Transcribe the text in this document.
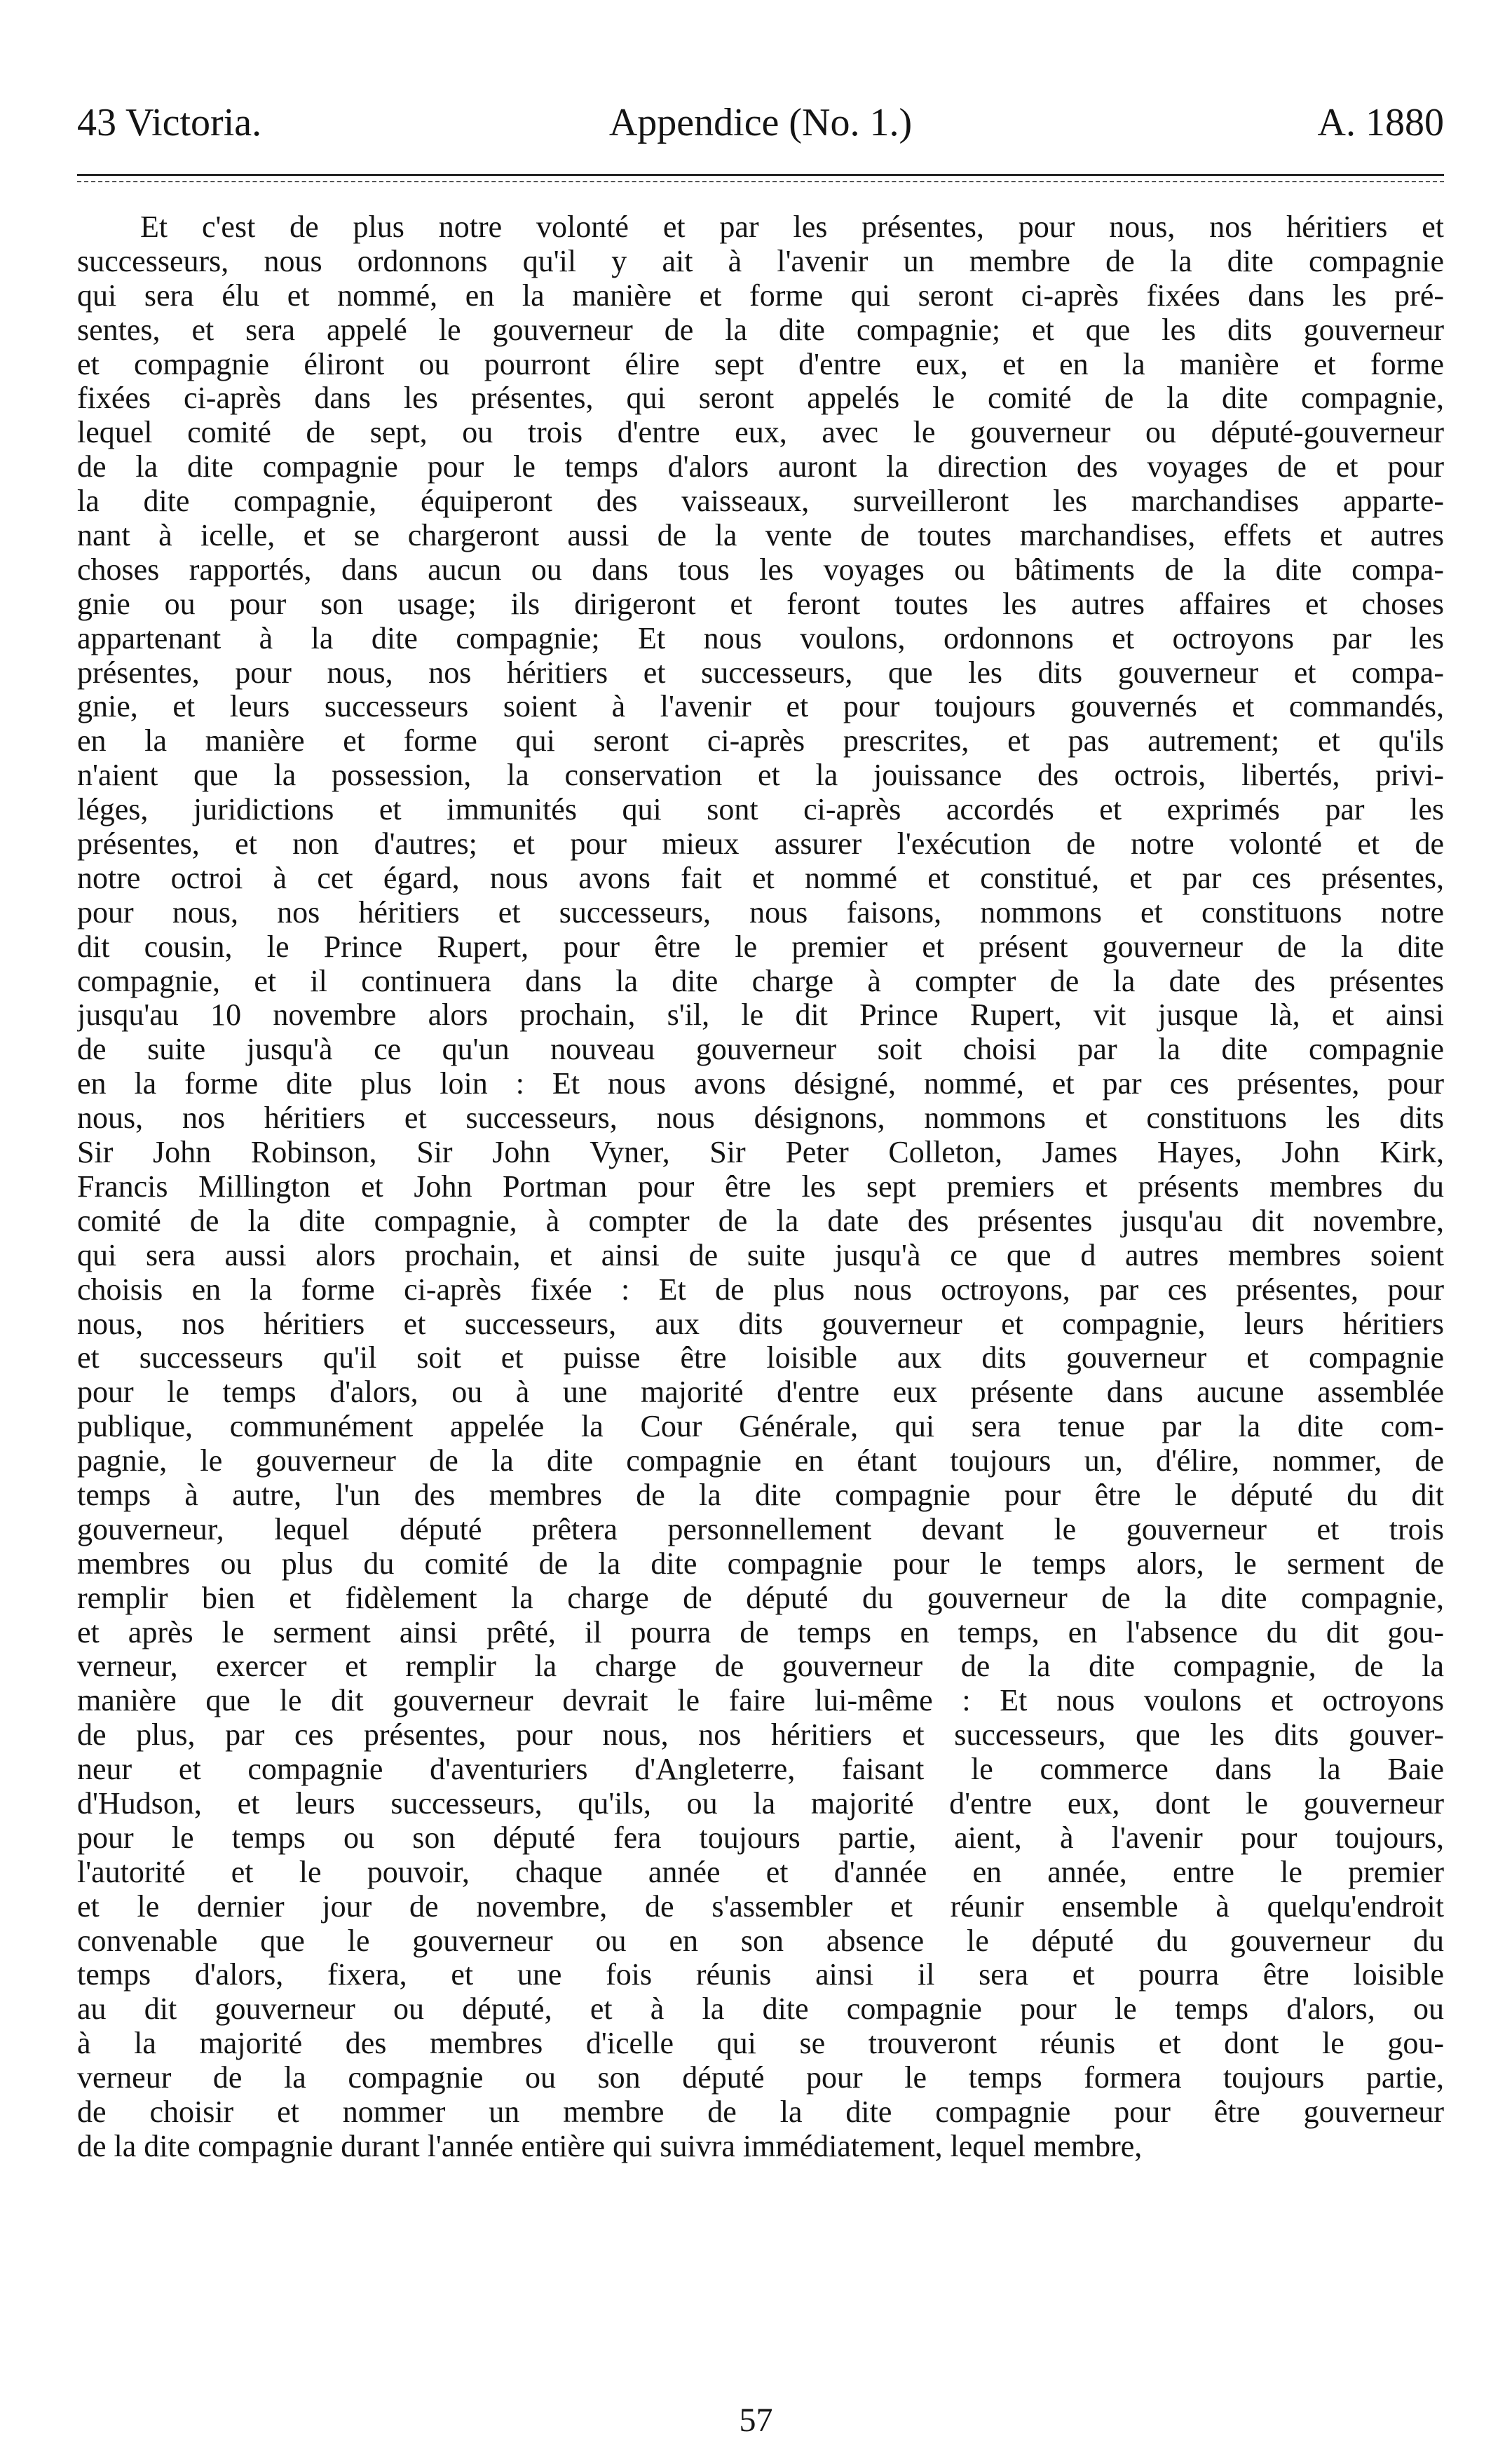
43 Victoria.	Appendice (No. 1.)	A. 1880
Et c'est de plus notre volonté et par les présentes, pour nous, nos héritiers et
successeurs, nous ordonnons qu'il y ait à l'avenir un membre de la dite compagnie
qui sera élu et nommé, en la manière et forme qui seront ci-après fixées dans les pré-
sentes, et sera appelé le gouverneur de la dite compagnie; et que les dits gouverneur
et compagnie éliront ou pourront élire sept d'entre eux, et en la manière et forme
fixées ci-après dans les présentes, qui seront appelés le comité de la dite compagnie,
lequel comité de sept, ou trois d'entre eux, avec le gouverneur ou député-gouverneur
de la dite compagnie pour le temps d'alors auront la direction des voyages de et pour
la dite compagnie, équiperont des vaisseaux, surveilleront les marchandises apparte-
nant à icelle, et se chargeront aussi de la vente de toutes marchandises, effets et autres
choses rapportés, dans aucun ou dans tous les voyages ou bâtiments de la dite compa-
gnie ou pour son usage; ils dirigeront et feront toutes les autres affaires et choses
appartenant à la dite compagnie; Et nous voulons, ordonnons et octroyons par les
présentes, pour nous, nos héritiers et successeurs, que les dits gouverneur et compa-
gnie, et leurs successeurs soient à l'avenir et pour toujours gouvernés et commandés,
en la manière et forme qui seront ci-après prescrites, et pas autrement; et qu'ils
n'aient que la possession, la conservation et la jouissance des octrois, libertés, privi-
léges, juridictions et immunités qui sont ci-après accordés et exprimés par les
présentes, et non d'autres; et pour mieux assurer l'exécution de notre volonté et de
notre octroi à cet égard, nous avons fait et nommé et constitué, et par ces présentes,
pour nous, nos héritiers et successeurs, nous faisons, nommons et constituons notre
dit cousin, le Prince Rupert, pour être le premier et présent gouverneur de la dite
compagnie, et il continuera dans la dite charge à compter de la date des présentes
jusqu'au 10 novembre alors prochain, s'il, le dit Prince Rupert, vit jusque là, et ainsi
de suite jusqu'à ce qu'un nouveau gouverneur soit choisi par la dite compagnie
en la forme dite plus loin : Et nous avons désigné, nommé, et par ces présentes, pour
nous, nos héritiers et successeurs, nous désignons, nommons et constituons les dits
Sir John Robinson, Sir John Vyner, Sir Peter Colleton, James Hayes, John Kirk,
Francis Millington et John Portman pour être les sept premiers et présents membres du
comité de la dite compagnie, à compter de la date des présentes jusqu'au dit novembre,
qui sera aussi alors prochain, et ainsi de suite jusqu'à ce que d autres membres soient
choisis en la forme ci-après fixée : Et de plus nous octroyons, par ces présentes, pour
nous, nos héritiers et successeurs, aux dits gouverneur et compagnie, leurs héritiers
et successeurs qu'il soit et puisse être loisible aux dits gouverneur et compagnie
pour le temps d'alors, ou à une majorité d'entre eux présente dans aucune assemblée
publique, communément appelée la Cour Générale, qui sera tenue par la dite com-
pagnie, le gouverneur de la dite compagnie en étant toujours un, d'élire, nommer, de
temps à autre, l'un des membres de la dite compagnie pour être le député du dit
gouverneur, lequel député prêtera personnellement devant le gouverneur et trois
membres ou plus du comité de la dite compagnie pour le temps alors, le serment de
remplir bien et fidèlement la charge de député du gouverneur de la dite compagnie,
et après le serment ainsi prêté, il pourra de temps en temps, en l'absence du dit gou-
verneur, exercer et remplir la charge de gouverneur de la dite compagnie, de la
manière que le dit gouverneur devrait le faire lui-même : Et nous voulons et octroyons
de plus, par ces présentes, pour nous, nos héritiers et successeurs, que les dits gouver-
neur et compagnie d'aventuriers d'Angleterre, faisant le commerce dans la Baie
d'Hudson, et leurs successeurs, qu'ils, ou la majorité d'entre eux, dont le gouverneur
pour le temps ou son député fera toujours partie, aient, à l'avenir pour toujours,
l'autorité et le pouvoir, chaque année et d'année en année, entre le premier
et le dernier jour de novembre, de s'assembler et réunir ensemble à quelqu'endroit
convenable que le gouverneur ou en son absence le député du gouverneur du
temps d'alors, fixera, et une fois réunis ainsi il sera et pourra être loisible
au dit gouverneur ou député, et à la dite compagnie pour le temps d'alors, ou
à la majorité des membres d'icelle qui se trouveront réunis et dont le gou-
verneur de la compagnie ou son député pour le temps formera toujours partie,
de choisir et nommer un membre de la dite compagnie pour être gouverneur
de la dite compagnie durant l'année entière qui suivra immédiatement, lequel membre,
57
